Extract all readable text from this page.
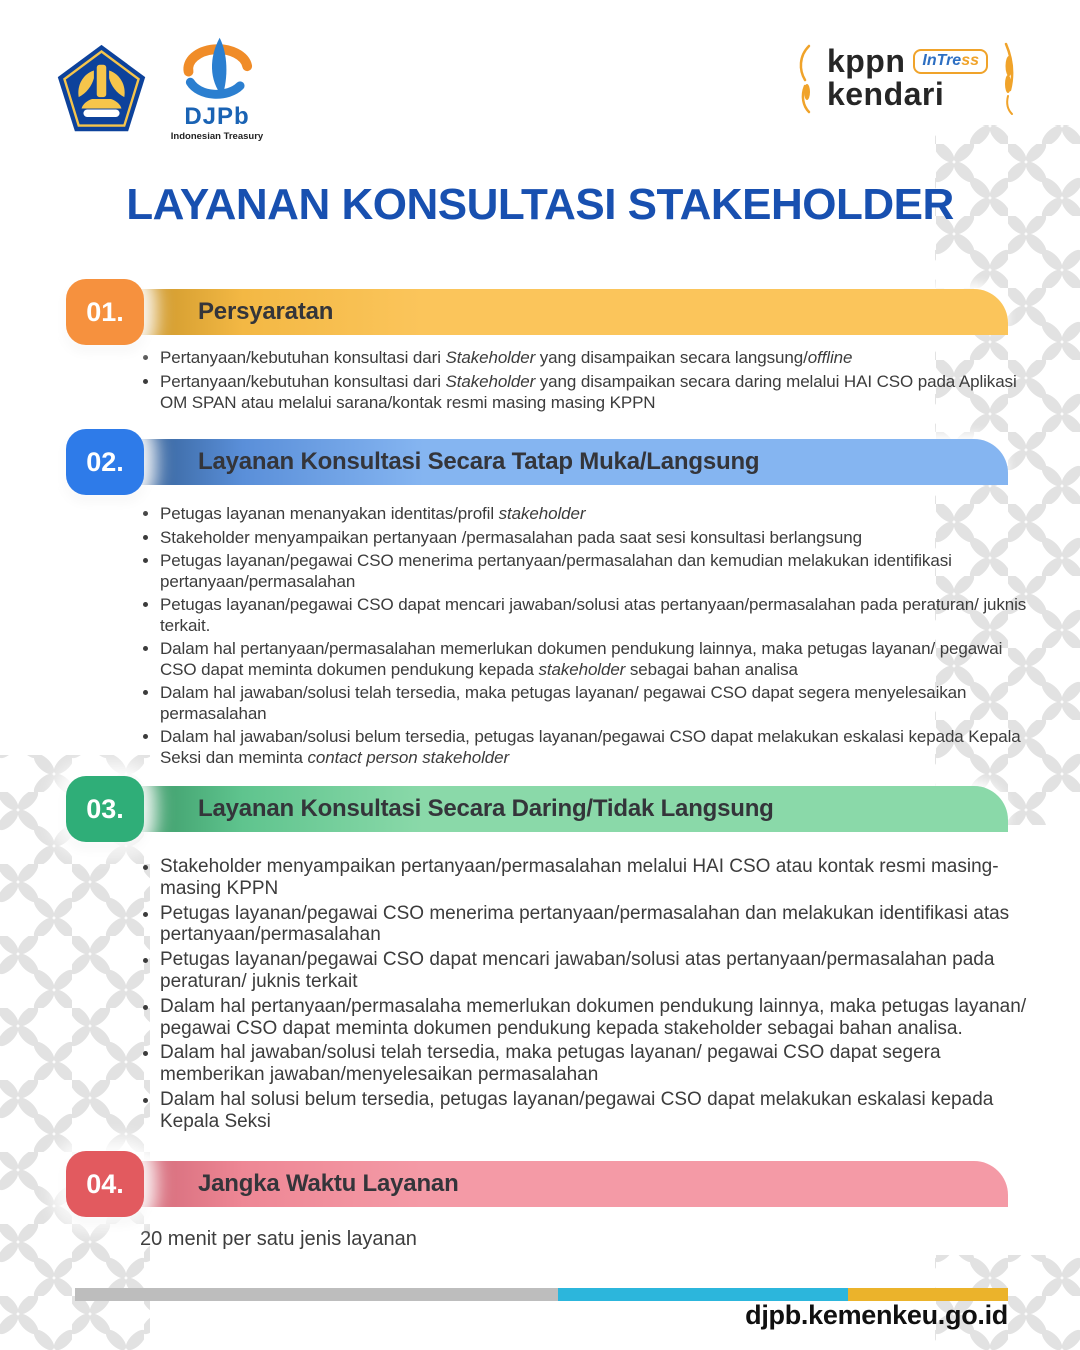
DJPb
Indonesian Treasury
kppn	InTress
kendari
LAYANAN KONSULTASI STAKEHOLDER
Persyaratan
01.
• Pertanyaan/kebutuhan konsultasi dari Stakeholder yang disampaikan secara langsung/offline
• Pertanyaan/kebutuhan konsultasi dari Stakeholder yang disampaikan secara daring melalui HAI CSO pada Aplikasi OM SPAN atau melalui sarana/kontak resmi masing masing KPPN
Layanan Konsultasi Secara Tatap Muka/Langsung
02.
• Petugas layanan menanyakan identitas/profil stakeholder
• Stakeholder menyampaikan pertanyaan /permasalahan pada saat sesi konsultasi berlangsung
• Petugas layanan/pegawai CSO menerima pertanyaan/permasalahan dan kemudian melakukan identifikasi pertanyaan/permasalahan
• Petugas layanan/pegawai CSO dapat mencari jawaban/solusi atas pertanyaan/permasalahan pada peraturan/ juknis terkait.
• Dalam hal pertanyaan/permasalahan memerlukan dokumen pendukung lainnya, maka petugas layanan/ pegawai CSO dapat meminta dokumen pendukung kepada stakeholder sebagai bahan analisa
• Dalam hal jawaban/solusi telah tersedia, maka petugas layanan/ pegawai CSO dapat segera menyelesaikan permasalahan
• Dalam hal jawaban/solusi belum tersedia, petugas layanan/pegawai CSO dapat melakukan eskalasi kepada Kepala Seksi dan meminta contact person stakeholder
Layanan Konsultasi Secara Daring/Tidak Langsung
03.
• Stakeholder menyampaikan pertanyaan/permasalahan melalui HAI CSO atau kontak resmi masing-masing KPPN
• Petugas layanan/pegawai CSO menerima pertanyaan/permasalahan dan melakukan identifikasi atas pertanyaan/permasalahan
• Petugas layanan/pegawai CSO dapat mencari jawaban/solusi atas pertanyaan/permasalahan pada peraturan/ juknis terkait
• Dalam hal pertanyaan/permasalaha memerlukan dokumen pendukung lainnya, maka petugas layanan/ pegawai CSO dapat meminta dokumen pendukung kepada stakeholder sebagai bahan analisa.
• Dalam hal jawaban/solusi telah tersedia, maka petugas layanan/ pegawai CSO dapat segera memberikan jawaban/menyelesaikan permasalahan
• Dalam hal solusi belum tersedia, petugas layanan/pegawai CSO dapat melakukan eskalasi kepada Kepala Seksi
Jangka Waktu Layanan
04.
20 menit per satu jenis layanan
djpb.kemenkeu.go.id
